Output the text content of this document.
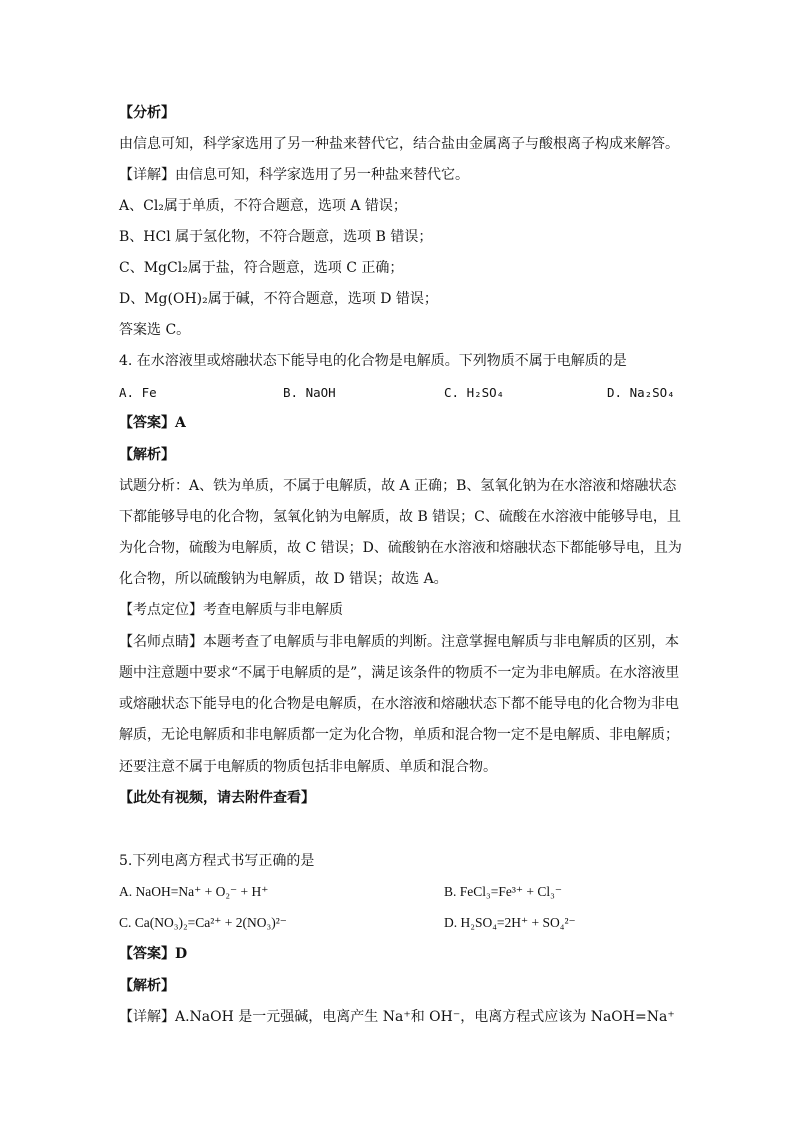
【分析】
由信息可知，科学家选用了另一种盐来替代它，结合盐由金属离子与酸根离子构成来解答。
【详解】由信息可知，科学家选用了另一种盐来替代它。
A、Cl₂属于单质，不符合题意，选项 A 错误；
B、HCl 属于氢化物，不符合题意，选项 B 错误；
C、MgCl₂属于盐，符合题意，选项 C 正确；
D、Mg(OH)₂属于碱，不符合题意，选项 D 错误；
答案选 C。
4. 在水溶液里或熔融状态下能导电的化合物是电解质。下列物质不属于电解质的是
A. Fe	B. NaOH	C. H₂SO₄	D. Na₂SO₄
【答案】A
【解析】
试题分析：A、铁为单质，不属于电解质，故 A 正确；B、氢氧化钠为在水溶液和熔融状态
下都能够导电的化合物，氢氧化钠为电解质，故 B 错误；C、硫酸在水溶液中能够导电，且
为化合物，硫酸为电解质，故 C 错误；D、硫酸钠在水溶液和熔融状态下都能够导电，且为
化合物，所以硫酸钠为电解质，故 D 错误；故选 A。
【考点定位】考查电解质与非电解质
【名师点睛】本题考查了电解质与非电解质的判断。注意掌握电解质与非电解质的区别，本
题中注意题中要求“不属于电解质的是”，满足该条件的物质不一定为非电解质。在水溶液里
或熔融状态下能导电的化合物是电解质，在水溶液和熔融状态下都不能导电的化合物为非电
解质，无论电解质和非电解质都一定为化合物，单质和混合物一定不是电解质、非电解质；
还要注意不属于电解质的物质包括非电解质、单质和混合物。
【此处有视频，请去附件查看】
5.下列电离方程式书写正确的是
A. NaOH=Na⁺ + O₂⁻ + H⁺	B. FeCl₃=Fe³⁺ + Cl₃⁻
C. Ca(NO₃)₂=Ca²⁺ + 2(NO₃)²⁻	D. H₂SO₄=2H⁺ + SO₄²⁻
【答案】D
【解析】
【详解】A.NaOH 是一元强碱，电离产生 Na⁺和 OH⁻，电离方程式应该为 NaOH=Na⁺
